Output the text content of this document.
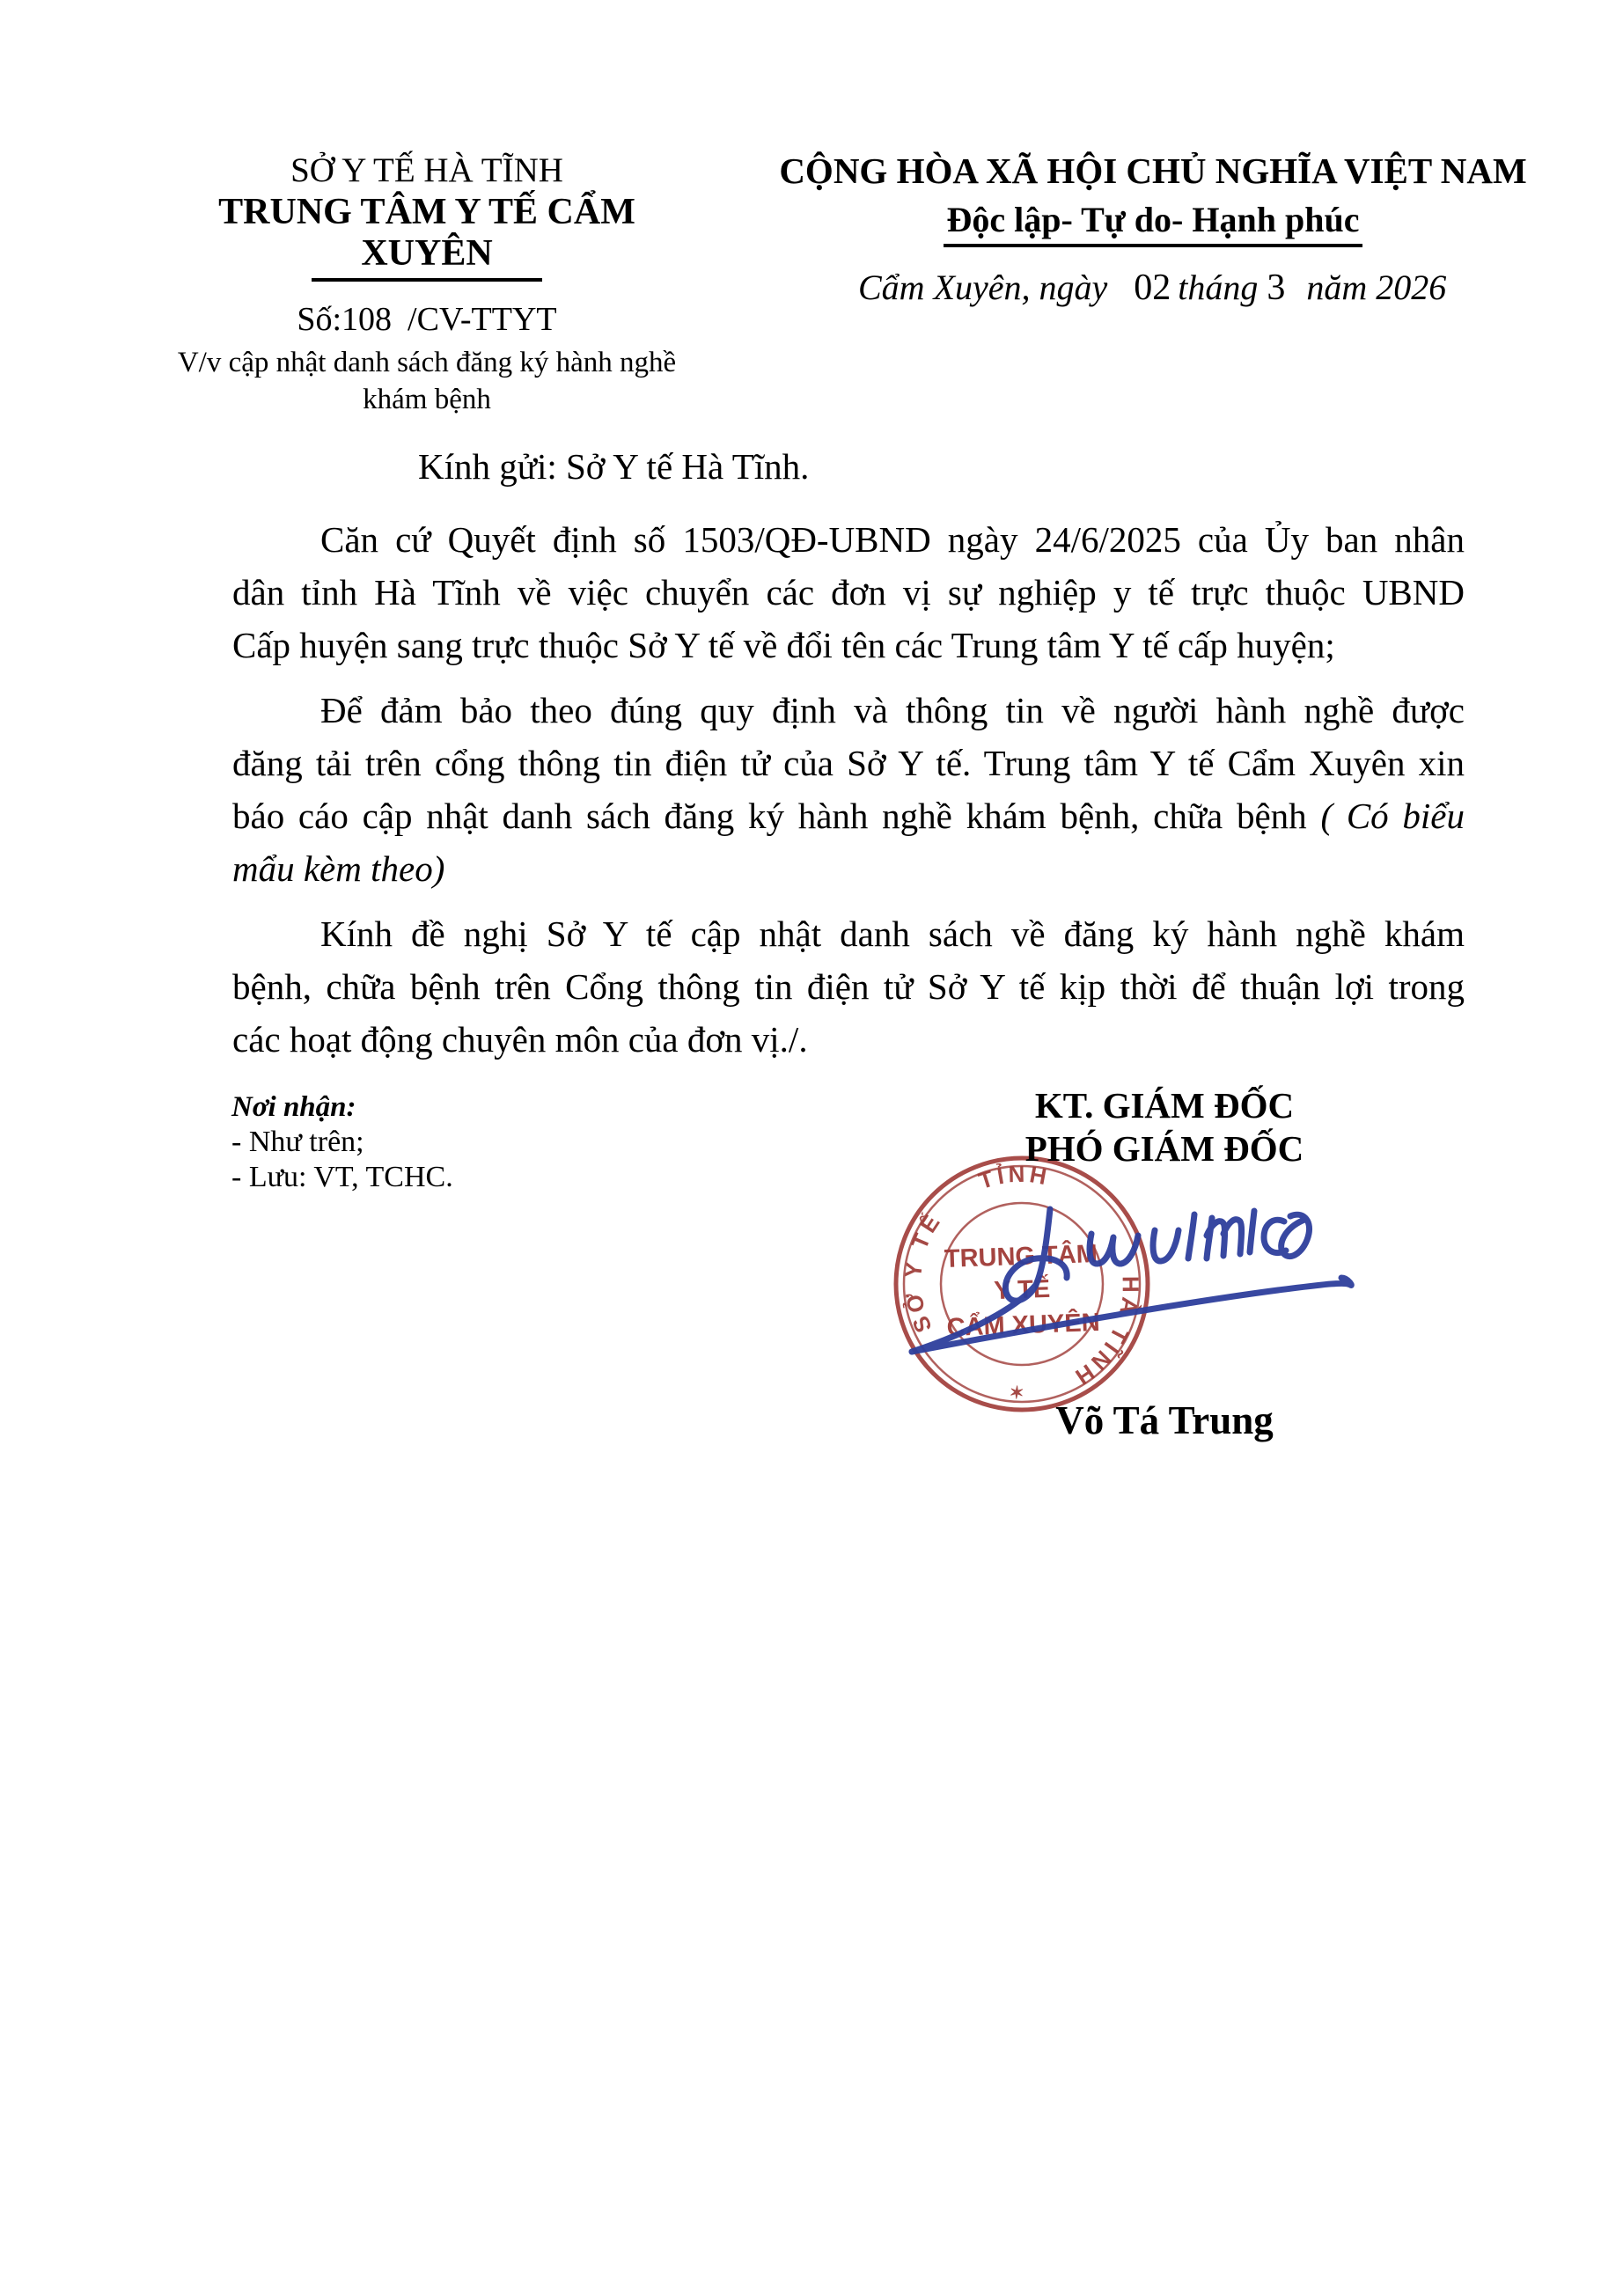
SỞ Y TẾ HÀ TĨNH
TRUNG TÂM Y TẾ CẨM XUYÊN
Số:108 /CV-TTYT
V/v cập nhật danh sách đăng ký hành nghề
khám bệnh
CỘNG HÒA XÃ HỘI CHỦ NGHĨA VIỆT NAM
Độc lập- Tự do- Hạnh phúc
Cẩm Xuyên, ngày 02 tháng 3 năm 2026
Kính gửi: Sở Y tế Hà Tĩnh.
Căn cứ Quyết định số 1503/QĐ-UBND ngày 24/6/2025 của Ủy ban nhân
dân tỉnh Hà Tĩnh về việc chuyển các đơn vị sự nghiệp y tế trực thuộc UBND
Cấp huyện sang trực thuộc Sở Y tế về đổi tên các Trung tâm Y tế cấp huyện;
Để đảm bảo theo đúng quy định và thông tin về người hành nghề được
đăng tải trên cổng thông tin điện tử của Sở Y tế. Trung tâm Y tế Cẩm Xuyên xin
báo cáo cập nhật danh sách đăng ký hành nghề khám bệnh, chữa bệnh ( Có biểu
mẩu kèm theo)
Kính đề nghị Sở Y tế cập nhật danh sách về đăng ký hành nghề khám
bệnh, chữa bệnh trên Cổng thông tin điện tử Sở Y tế kịp thời để thuận lợi trong
các hoạt động chuyên môn của đơn vị./.
Nơi nhận:
- Như trên;
- Lưu: VT, TCHC.
KT. GIÁM ĐỐC
PHÓ GIÁM ĐỐC
SỞ Y TẾ
TỈNH
HÀ TĨNH
✶
TRUNG TÂM
Y TẾ
CẨM XUYÊN
Võ Tá Trung
